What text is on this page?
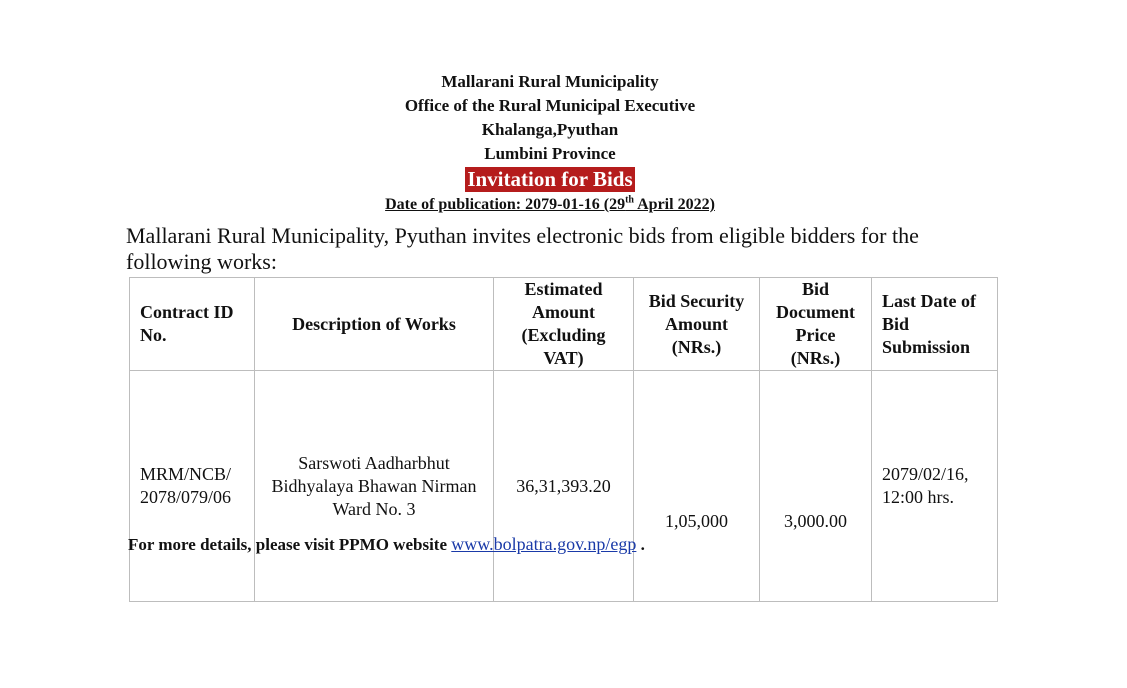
Mallarani Rural Municipality
Office of the Rural Municipal Executive
Khalanga,Pyuthan
Lumbini Province
Invitation for Bids
Date of publication: 2079-01-16 (29th April 2022)
Mallarani Rural Municipality, Pyuthan invites electronic bids from eligible bidders for the following works:
Contract ID No.	Description of Works	Estimated Amount (Excluding VAT)	Bid Security Amount (NRs.)	Bid Document Price (NRs.)	Last Date of Bid Submission
MRM/NCB/ 2078/079/06	Sarswoti Aadharbhut Bidhyalaya Bhawan Nirman Ward No. 3	36,31,393.20	1,05,000	3,000.00	2079/02/16, 12:00 hrs.
For more details, please visit PPMO website www.bolpatra.gov.np/egp .
